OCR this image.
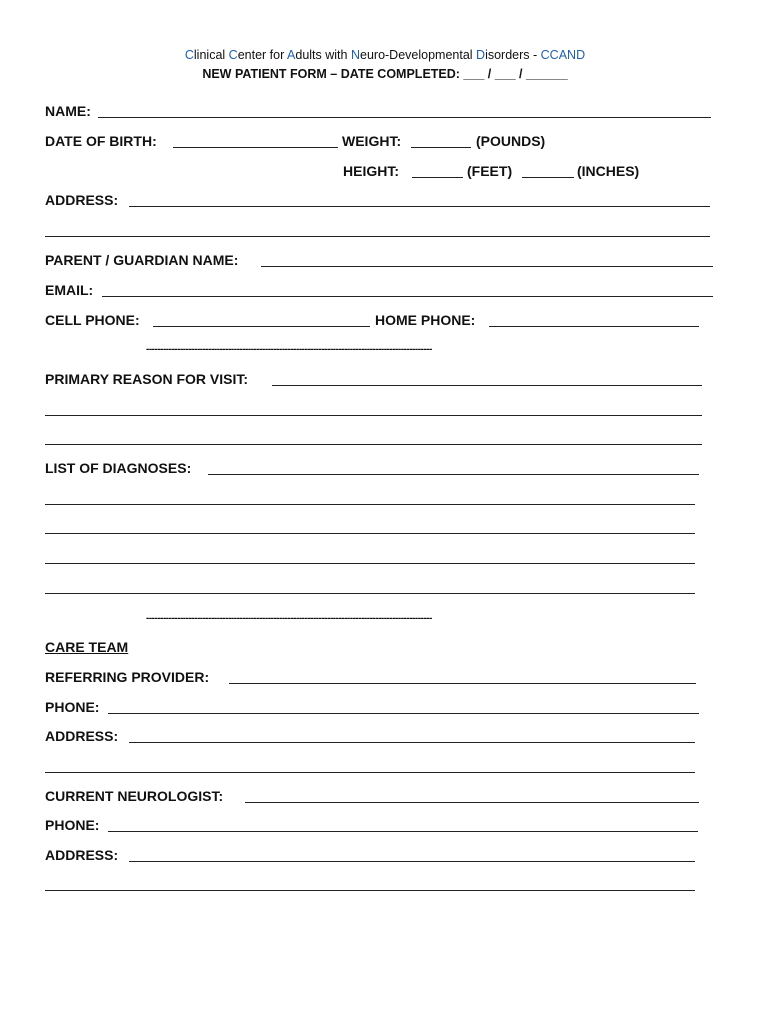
Clinical Center for Adults with Neuro-Developmental Disorders - CCAND
NEW PATIENT FORM – DATE COMPLETED: ___ / ___ / ______
NAME:
DATE OF BIRTH:	WEIGHT:	(POUNDS)
HEIGHT:	(FEET)	(INCHES)
ADDRESS:
PARENT / GUARDIAN NAME:
EMAIL:
CELL PHONE:	HOME PHONE:
-----------------------------------------------------------------------------------------------------
PRIMARY REASON FOR VISIT:
LIST OF DIAGNOSES:
-----------------------------------------------------------------------------------------------------
CARE TEAM
REFERRING PROVIDER:
PHONE:
ADDRESS:
CURRENT NEUROLOGIST:
PHONE:
ADDRESS:
